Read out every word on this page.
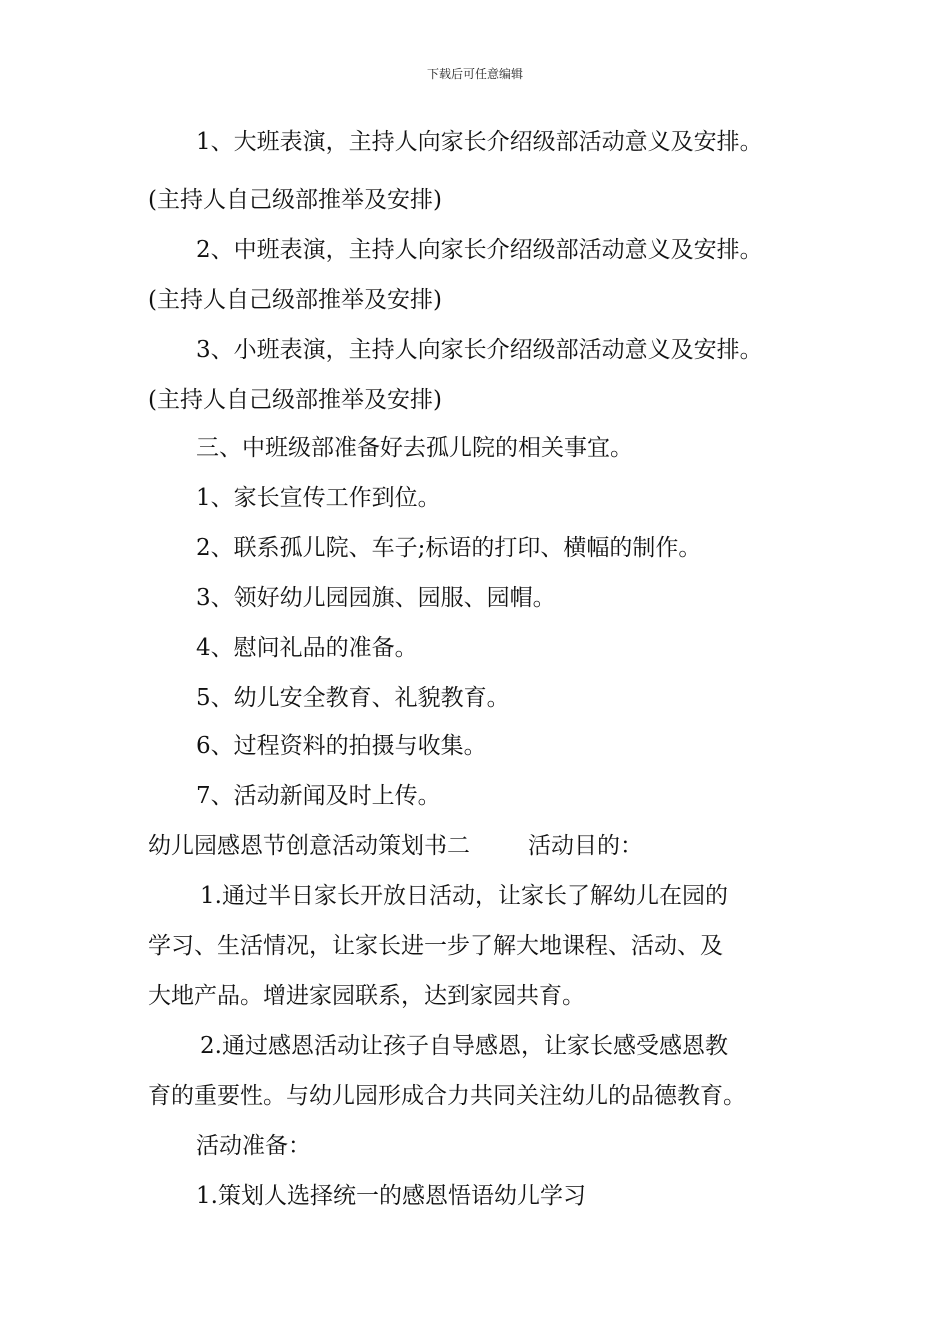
下载后可任意编辑
1、大班表演，主持人向家长介绍级部活动意义及安排。
(主持人自己级部推举及安排)
2、中班表演，主持人向家长介绍级部活动意义及安排。
(主持人自己级部推举及安排)
3、小班表演，主持人向家长介绍级部活动意义及安排。
(主持人自己级部推举及安排)
三、中班级部准备好去孤儿院的相关事宜。
1、家长宣传工作到位。
2、联系孤儿院、车子;标语的打印、横幅的制作。
3、领好幼儿园园旗、园服、园帽。
4、慰问礼品的准备。
5、幼儿安全教育、礼貌教育。
6、过程资料的拍摄与收集。
7、活动新闻及时上传。
幼儿园感恩节创意活动策划书二	活动目的：
1.通过半日家长开放日活动，让家长了解幼儿在园的
学习、生活情况，让家长进一步了解大地课程、活动、及
大地产品。增进家园联系，达到家园共育。
2.通过感恩活动让孩子自导感恩，让家长感受感恩教
育的重要性。与幼儿园形成合力共同关注幼儿的品德教育。
活动准备：
1.策划人选择统一的感恩悟语幼儿学习
